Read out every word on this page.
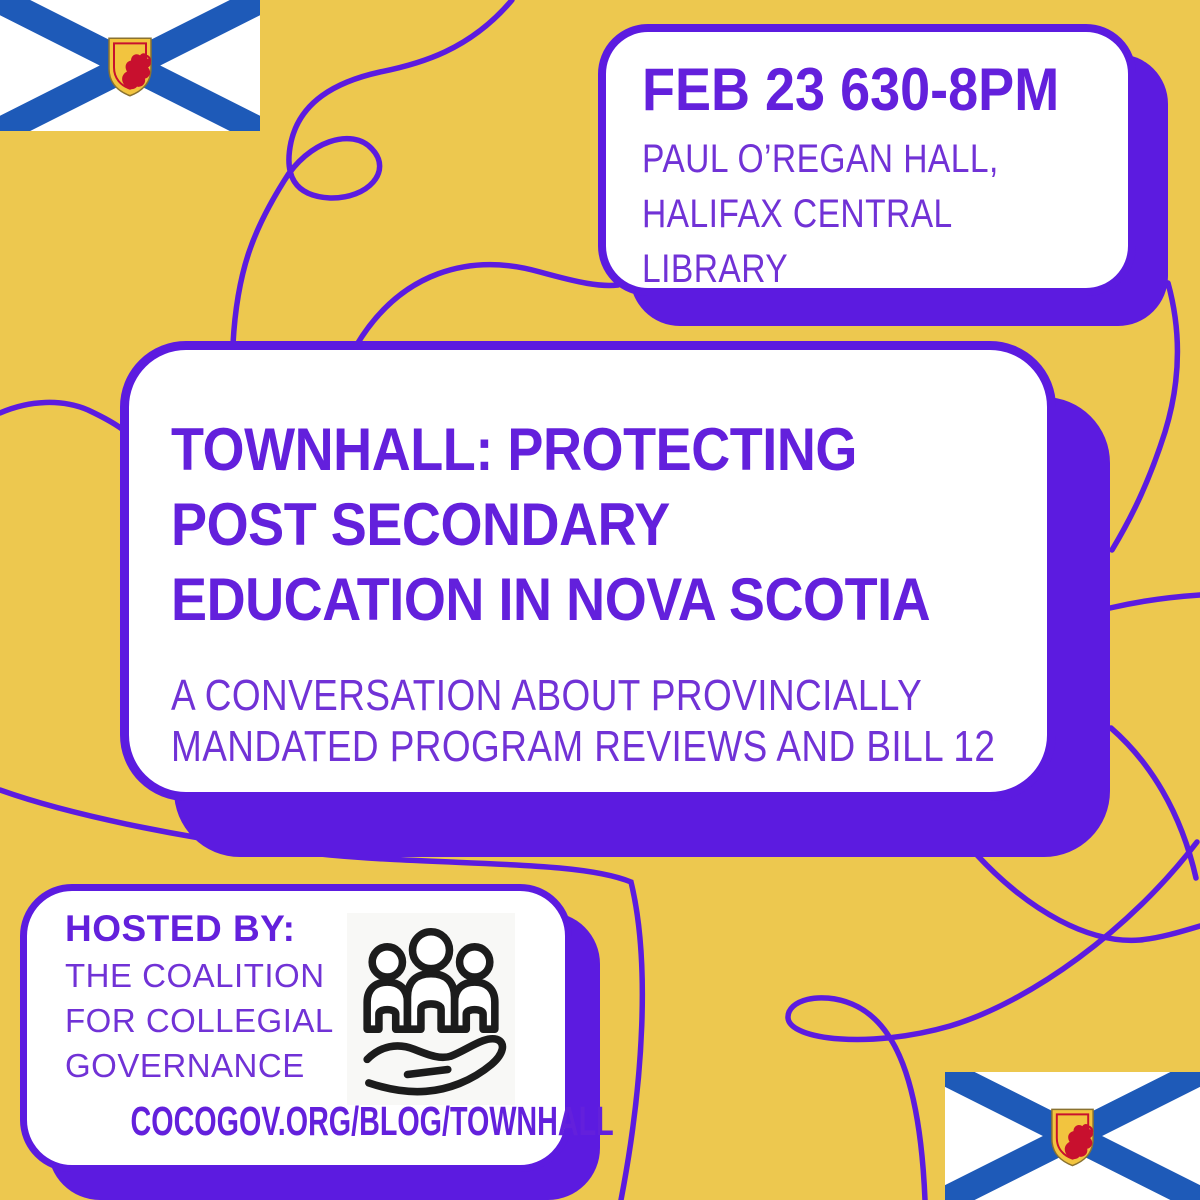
FEB 23 630-8PM
PAUL O’REGAN HALL,
HALIFAX CENTRAL
LIBRARY
TOWNHALL: PROTECTING
POST SECONDARY
EDUCATION IN NOVA SCOTIA
A CONVERSATION ABOUT PROVINCIALLY
MANDATED PROGRAM REVIEWS AND BILL 12
HOSTED BY:
THE COALITION
FOR COLLEGIAL
GOVERNANCE
COCOGOV.ORG/BLOG/TOWNHALL
